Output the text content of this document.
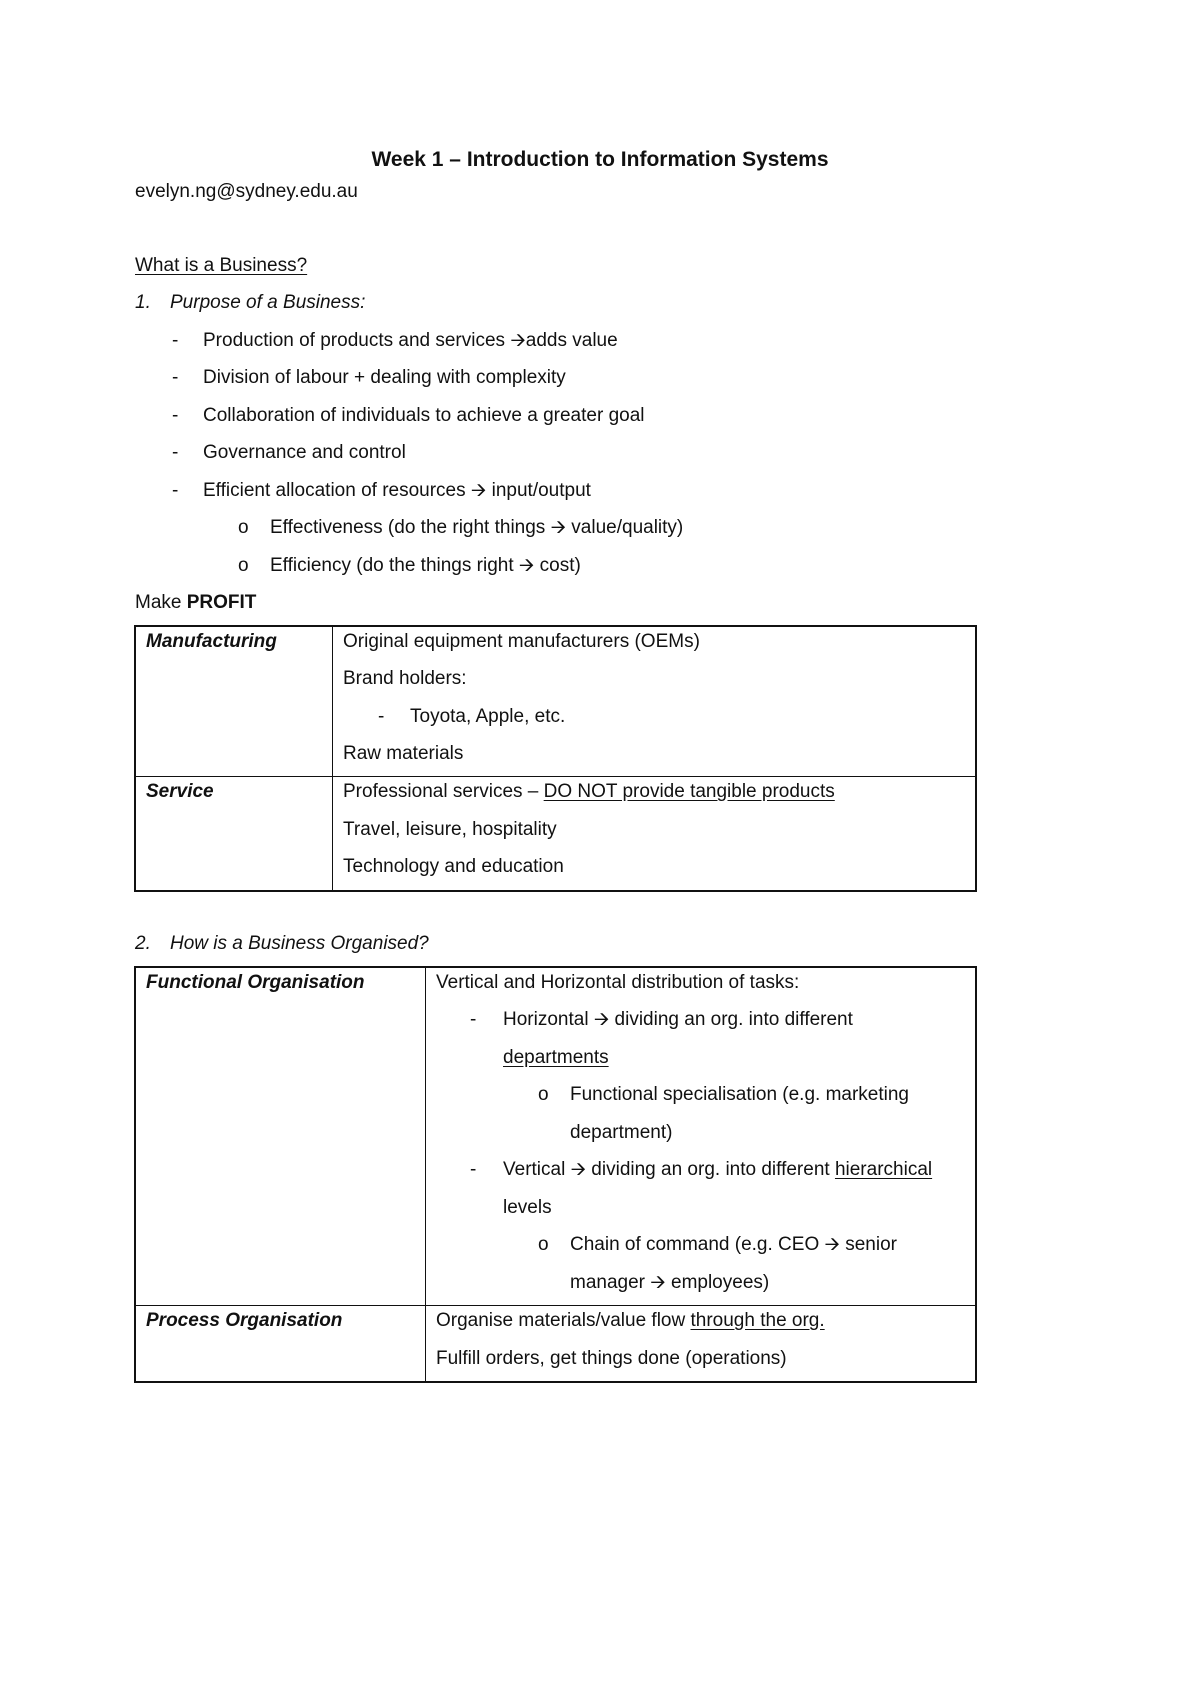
Week 1 – Introduction to Information Systems
evelyn.ng@sydney.edu.au
What is a Business?
1. Purpose of a Business:
- Production of products and services 🡪adds value
- Division of labour + dealing with complexity
- Collaboration of individuals to achieve a greater goal
- Governance and control
- Efficient allocation of resources 🡪 input/output
o Effectiveness (do the right things 🡪 value/quality)
o Efficiency (do the things right 🡪 cost)
Make PROFIT
Manufacturing	Original equipment manufacturers (OEMs)
Brand holders:
- Toyota, Apple, etc.
Raw materials
Service	Professional services – DO NOT provide tangible products
Travel, leisure, hospitality
Technology and education
2. How is a Business Organised?
Functional Organisation	Vertical and Horizontal distribution of tasks:
- Horizontal 🡪 dividing an org. into different
departments
o Functional specialisation (e.g. marketing
department)
- Vertical 🡪 dividing an org. into different hierarchical
levels
o Chain of command (e.g. CEO 🡪 senior
manager 🡪 employees)
Process Organisation	Organise materials/value flow through the org.
Fulfill orders, get things done (operations)
